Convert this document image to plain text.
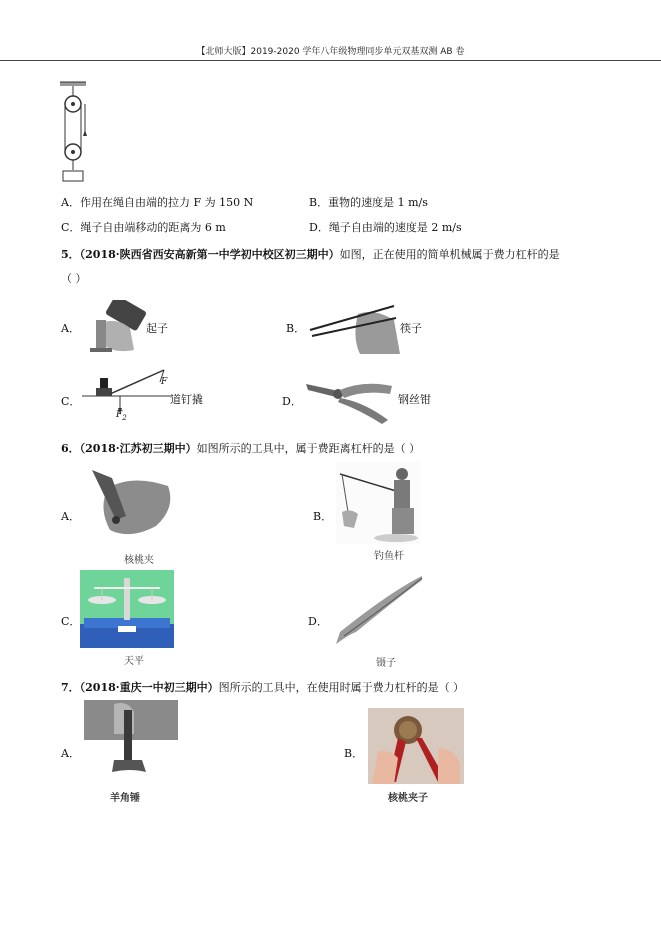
【北师大版】2019-2020 学年八年级物理同步单元双基双测 AB 卷
A．作用在绳自由端的拉力 F 为 150 N	B．重物的速度是 1 m/s
C．绳子自由端移动的距离为 6 m	D．绳子自由端的速度是 2 m/s
5．（2018·陕西省西安高新第一中学初中校区初三期中）如图，正在使用的简单机械属于费力杠杆的是
（ ）
A．	起子	B．	筷子
C．
F
$F_2$
道钉撬	D．	钢丝钳
6．（2018·江苏初三期中）如图所示的工具中，属于费距离杠杆的是（ ）
A．
核桃夹
B．
钓鱼杆
C．
天平
D．
镊子
7．（2018·重庆一中初三期中）图所示的工具中，在使用时属于费力杠杆的是（ ）
A．
羊角锤
B．
核桃夹子
